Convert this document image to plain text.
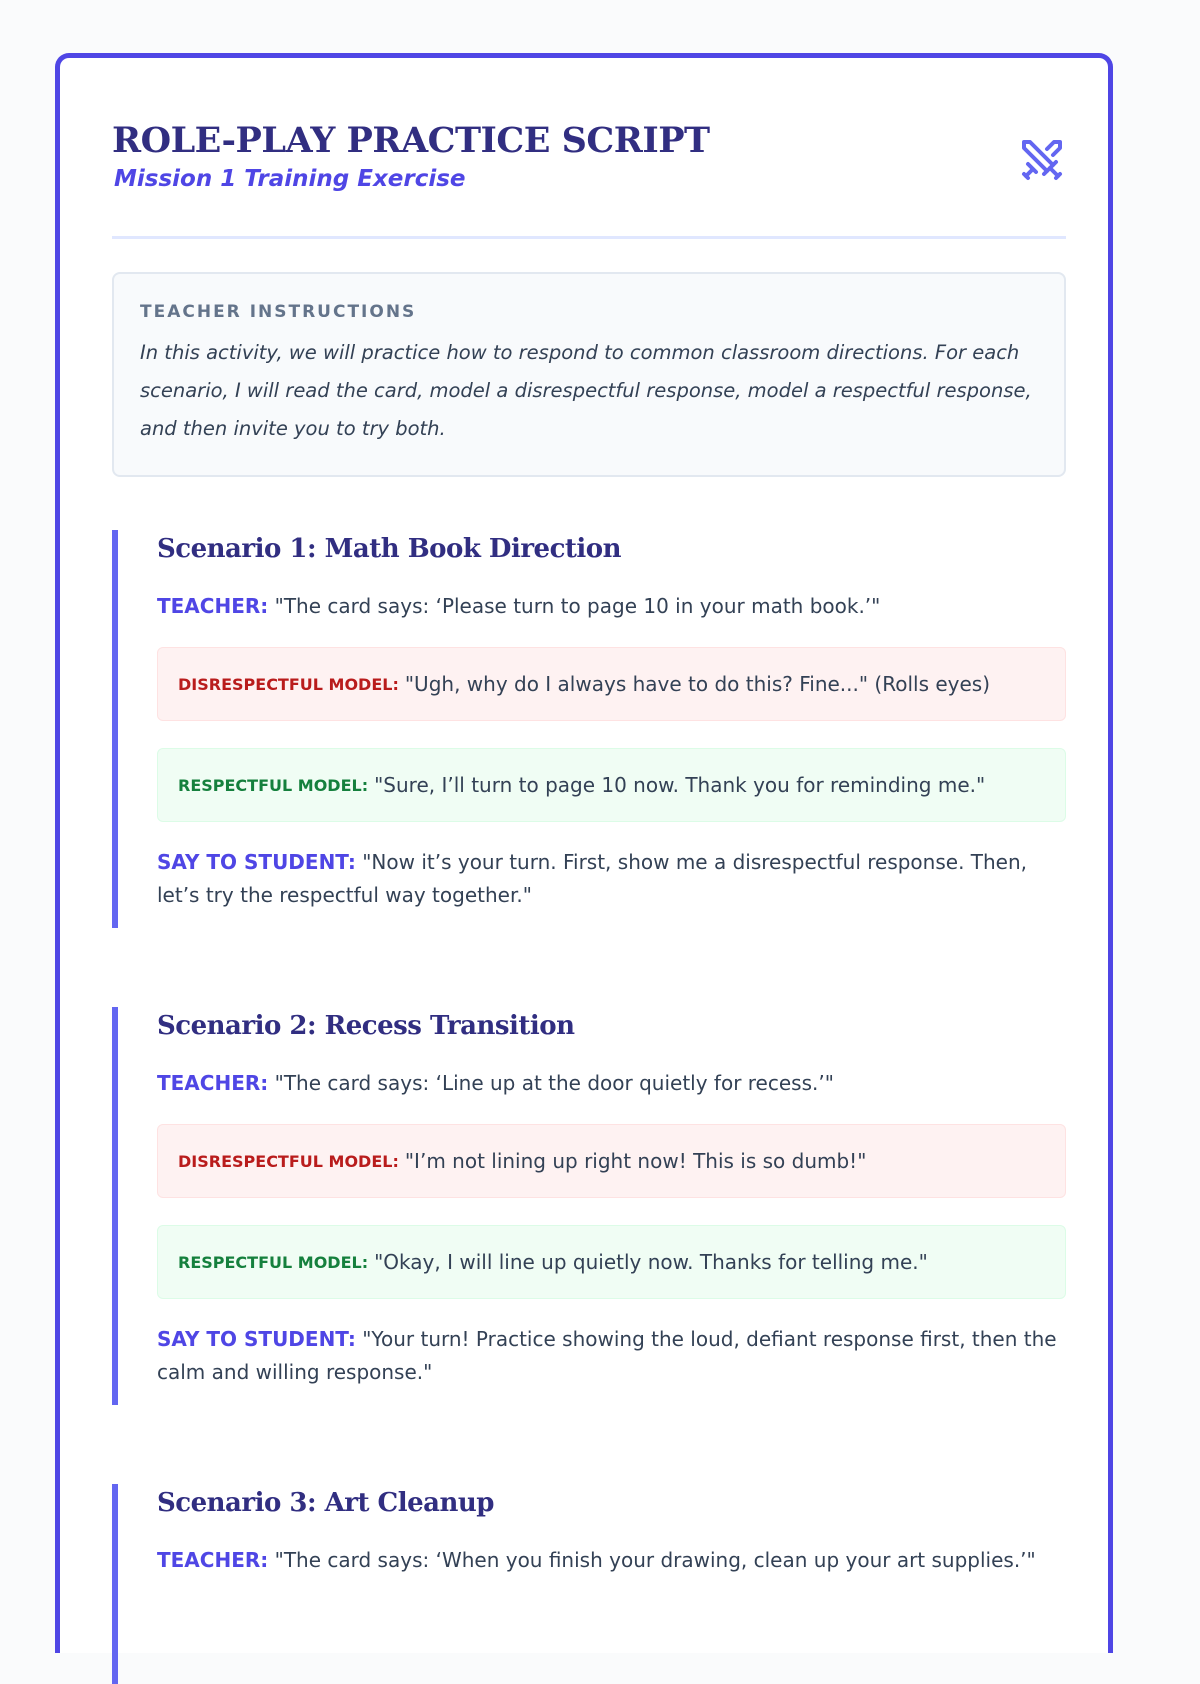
ROLE-PLAY PRACTICE SCRIPT
Mission 1 Training Exercise
TEACHER INSTRUCTIONS
In this activity, we will practice how to respond to common classroom directions. For each scenario, I will read the card, model a disrespectful response, model a respectful response, and then invite you to try both.
Scenario 1: Math Book Direction
TEACHER: "The card says: ‘Please turn to page 10 in your math book.’"
DISRESPECTFUL MODEL: "Ugh, why do I always have to do this? Fine..." (Rolls eyes)
RESPECTFUL MODEL: "Sure, I’ll turn to page 10 now. Thank you for reminding me."
SAY TO STUDENT: "Now it’s your turn. First, show me a disrespectful response. Then, let’s try the respectful way together."
Scenario 2: Recess Transition
TEACHER: "The card says: ‘Line up at the door quietly for recess.’"
DISRESPECTFUL MODEL: "I’m not lining up right now! This is so dumb!"
RESPECTFUL MODEL: "Okay, I will line up quietly now. Thanks for telling me."
SAY TO STUDENT: "Your turn! Practice showing the loud, defiant response first, then the calm and willing response."
Scenario 3: Art Cleanup
TEACHER: "The card says: ‘When you finish your drawing, clean up your art supplies.’"
